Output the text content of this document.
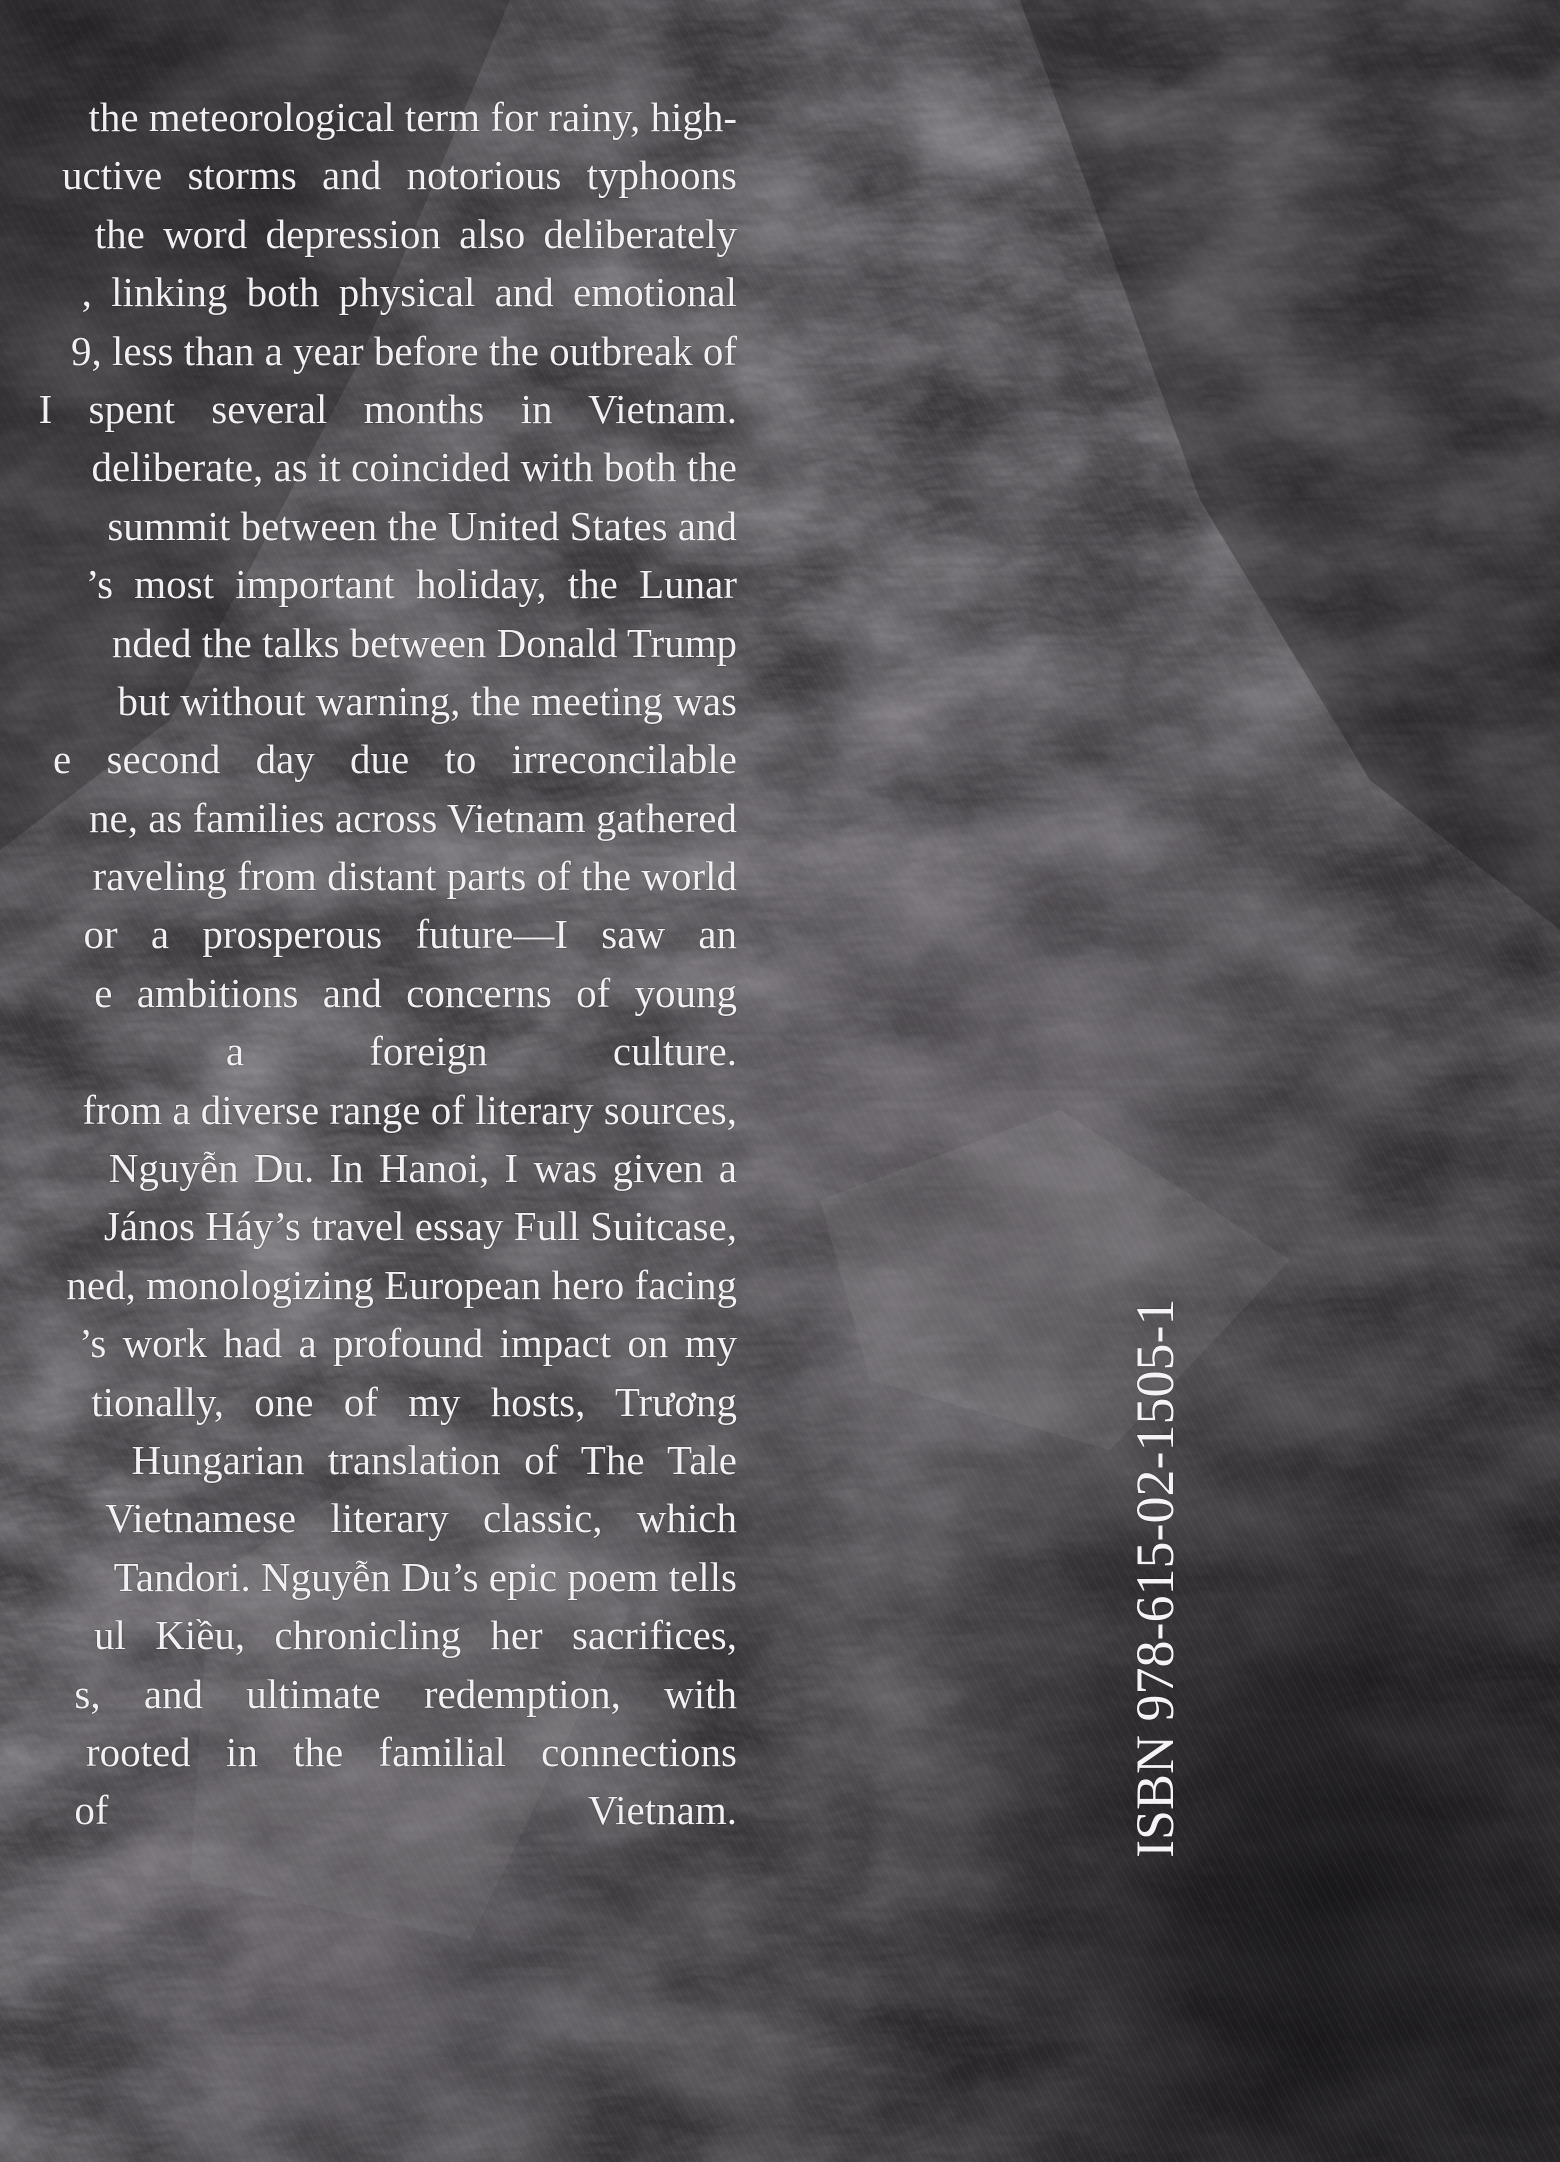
the meteorological term for rainy, high-
uctive storms and notorious typhoons
the word depression also deliberately
, linking both physical and emotional
9, less than a year before the outbreak of
I spent several months in Vietnam.
deliberate, as it coincided with both the
summit between the United States and
’s most important holiday, the Lunar
nded the talks between Donald Trump
but without warning, the meeting was
e second day due to irreconcilable
ne, as families across Vietnam gathered
raveling from distant parts of the world
or a prosperous future—I saw an
e ambitions and concerns of young
a foreign culture.
from a diverse range of literary sources,
Nguyễn Du. In Hanoi, I was given a
János Háy’s travel essay Full Suitcase,
ned, monologizing European hero facing
’s work had a profound impact on my
tionally, one of my hosts, Trương
Hungarian translation of The Tale
Vietnamese literary classic, which
Tandori. Nguyễn Du’s epic poem tells
ul Kiều, chronicling her sacrifices,
s, and ultimate redemption, with
rooted in the familial connections
of Vietnam.
